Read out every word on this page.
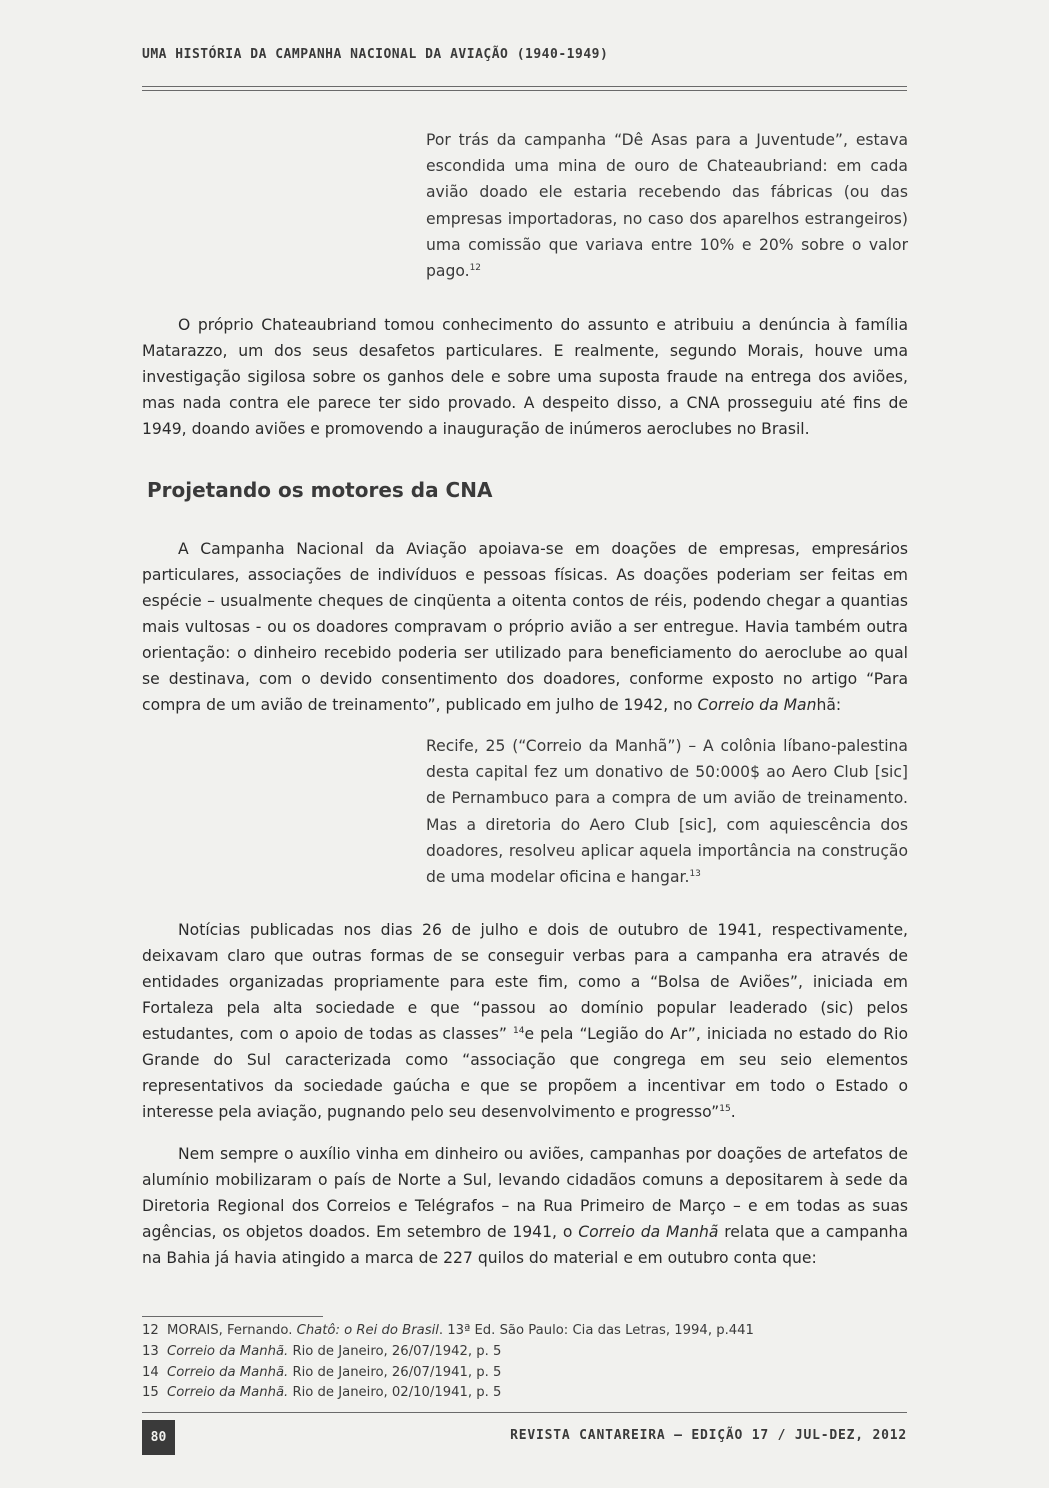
UMA HISTÓRIA DA CAMPANHA NACIONAL DA AVIAÇÃO (1940-1949)

Por trás da campanha “Dê Asas para a Juventude”, estava escondida uma mina de ouro de Chateaubriand: em cada avião doado ele estaria recebendo das fábricas (ou das empresas importadoras, no caso dos aparelhos estrangeiros) uma comissão que variava entre 10% e 20% sobre o valor pago.$^{12}$

O próprio Chateaubriand tomou conhecimento do assunto e atribuiu a denúncia à família Matarazzo, um dos seus desafetos particulares. E realmente, segundo Morais, houve uma investigação sigilosa sobre os ganhos dele e sobre uma suposta fraude na entrega dos aviões, mas nada contra ele parece ter sido provado. A despeito disso, a CNA prosseguiu até fins de 1949, doando aviões e promovendo a inauguração de inúmeros aeroclubes no Brasil.

Projetando os motores da CNA

A Campanha Nacional da Aviação apoiava-se em doações de empresas, empresários particulares, associações de indivíduos e pessoas físicas. As doações poderiam ser feitas em espécie – usualmente cheques de cinqüenta a oitenta contos de réis, podendo chegar a quantias mais vultosas - ou os doadores compravam o próprio avião a ser entregue. Havia também outra orientação: o dinheiro recebido poderia ser utilizado para beneficiamento do aeroclube ao qual se destinava, com o devido consentimento dos doadores, conforme exposto no artigo “Para compra de um avião de treinamento”, publicado em julho de 1942, no Correio da Manhã:

Recife, 25 (“Correio da Manhã”) – A colônia líbano-palestina desta capital fez um donativo de 50:000$ ao Aero Club [sic] de Pernambuco para a compra de um avião de treinamento. Mas a diretoria do Aero Club [sic], com aquiescência dos doadores, resolveu aplicar aquela importância na construção de uma modelar oficina e hangar.$^{13}$

Notícias publicadas nos dias 26 de julho e dois de outubro de 1941, respectivamente, deixavam claro que outras formas de se conseguir verbas para a campanha era através de entidades organizadas propriamente para este fim, como a “Bolsa de Aviões”, iniciada em Fortaleza pela alta sociedade e que “passou ao domínio popular leaderado (sic) pelos estudantes, com o apoio de todas as classes” $^{14}$e pela “Legião do Ar”, iniciada no estado do Rio Grande do Sul caracterizada como “associação que congrega em seu seio elementos representativos da sociedade gaúcha e que se propõem a incentivar em todo o Estado o interesse pela aviação, pugnando pelo seu desenvolvimento e progresso”$^{15}$.

Nem sempre o auxílio vinha em dinheiro ou aviões, campanhas por doações de artefatos de alumínio mobilizaram o país de Norte a Sul, levando cidadãos comuns a depositarem à sede da Diretoria Regional dos Correios e Telégrafos – na Rua Primeiro de Março – e em todas as suas agências, os objetos doados. Em setembro de 1941, o Correio da Manhã relata que a campanha na Bahia já havia atingido a marca de 227 quilos do material e em outubro conta que:

12 MORAIS, Fernando. Chatô: o Rei do Brasil. 13ª Ed. São Paulo: Cia das Letras, 1994, p.441
13 Correio da Manhã. Rio de Janeiro, 26/07/1942, p. 5
14 Correio da Manhã. Rio de Janeiro, 26/07/1941, p. 5
15 Correio da Manhã. Rio de Janeiro, 02/10/1941, p. 5
80	REVISTA CANTAREIRA – EDIÇÃO 17 / JUL-DEZ, 2012
